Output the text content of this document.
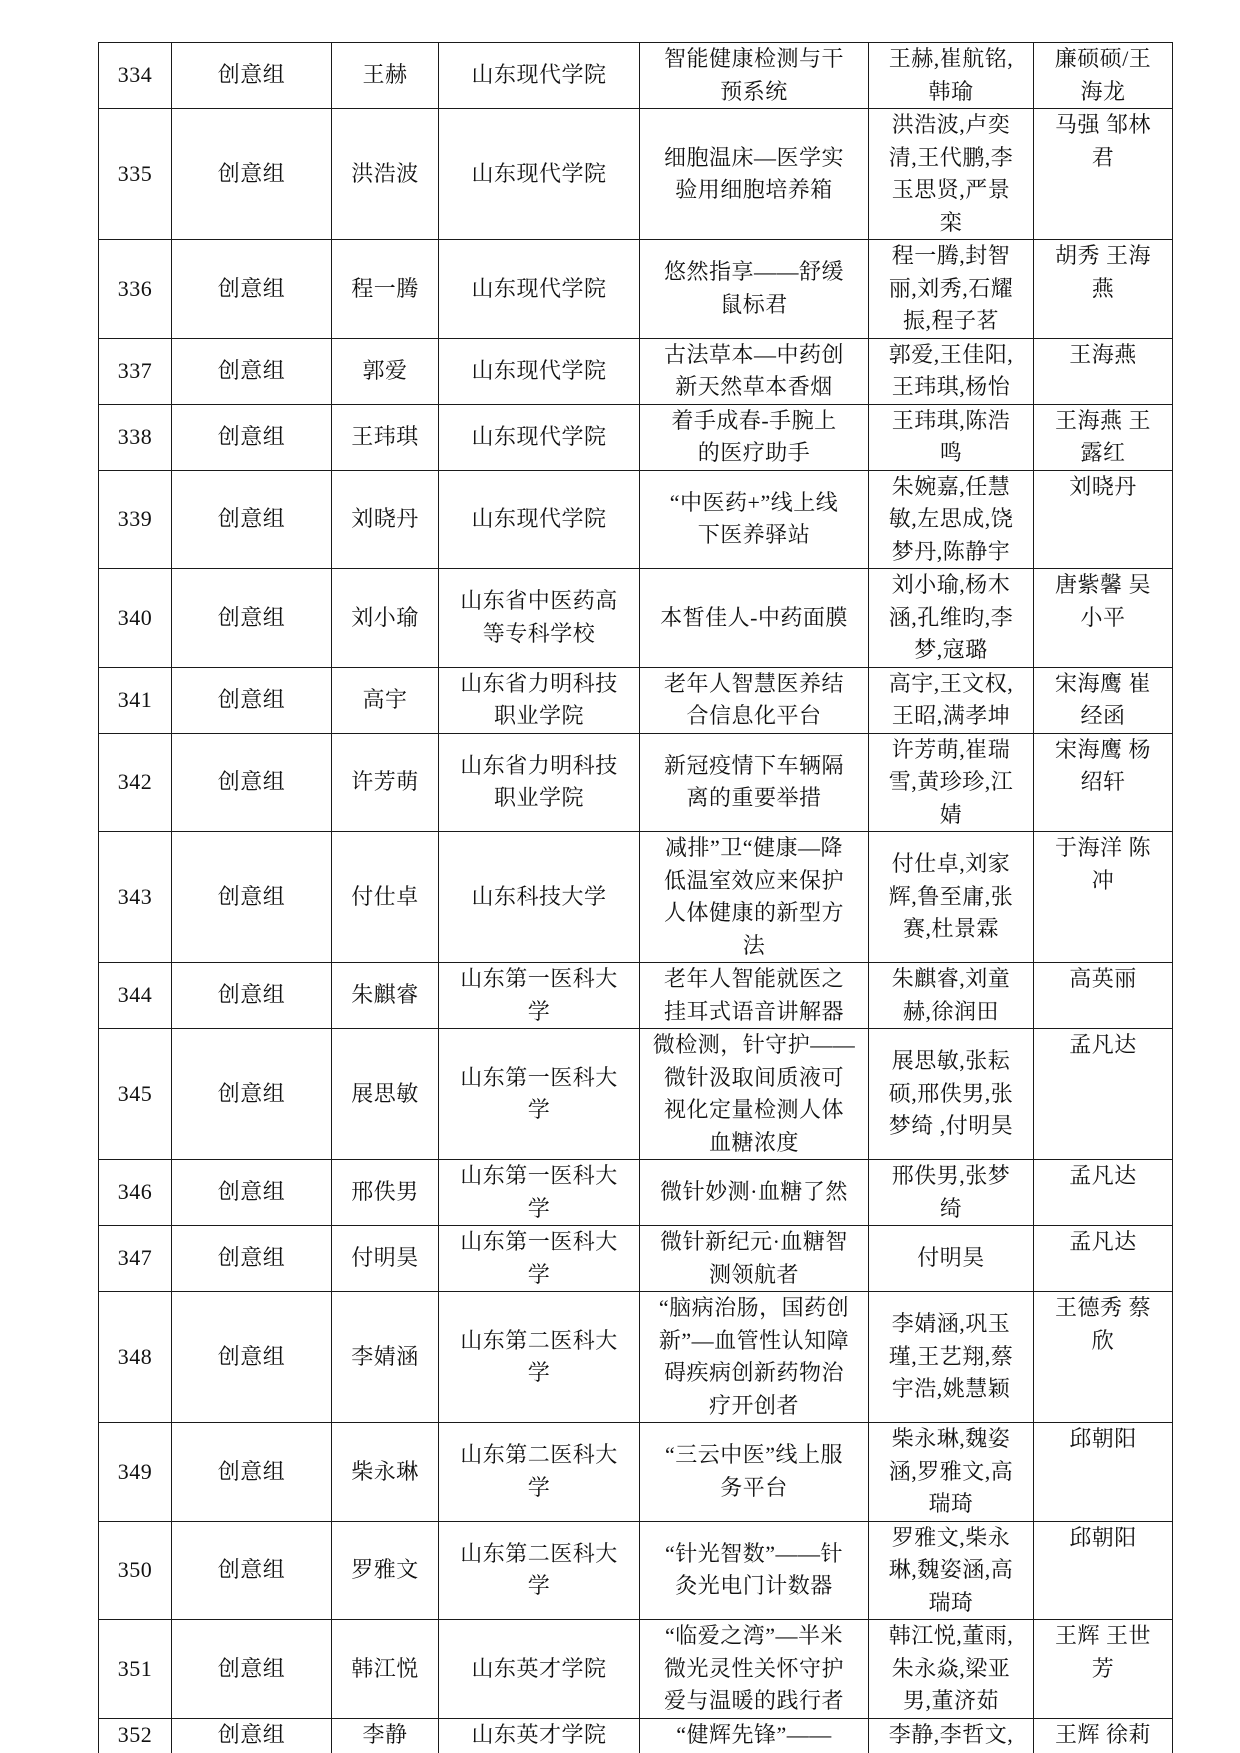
334	创意组	王赫	山东现代学院	智能健康检测与干
预系统	王赫,崔航铭,
韩瑜	廉硕硕/王
海龙
335	创意组	洪浩波	山东现代学院	细胞温床—医学实
验用细胞培养箱	洪浩波,卢奕
清,王代鹏,李
玉思贤,严景
栾	马强 邹林
君
336	创意组	程一腾	山东现代学院	悠然指享——舒缓
鼠标君	程一腾,封智
丽,刘秀,石耀
振,程子茗	胡秀 王海
燕
337	创意组	郭爱	山东现代学院	古法草本—中药创
新天然草本香烟	郭爱,王佳阳,
王玮琪,杨怡	王海燕
338	创意组	王玮琪	山东现代学院	着手成春-手腕上
的医疗助手	王玮琪,陈浩
鸣	王海燕 王
露红
339	创意组	刘晓丹	山东现代学院	“中医药+”线上线
下医养驿站	朱婉嘉,任慧
敏,左思成,饶
梦丹,陈静宇	刘晓丹
340	创意组	刘小瑜	山东省中医药高
等专科学校	本皙佳人-中药面膜	刘小瑜,杨木
涵,孔维昀,李
梦,寇璐	唐紫馨 吴
小平
341	创意组	高宇	山东省力明科技
职业学院	老年人智慧医养结
合信息化平台	高宇,王文权,
王昭,满孝坤	宋海鹰 崔
经函
342	创意组	许芳萌	山东省力明科技
职业学院	新冠疫情下车辆隔
离的重要举措	许芳萌,崔瑞
雪,黄珍珍,江
婧	宋海鹰 杨
绍轩
343	创意组	付仕卓	山东科技大学	减排”卫“健康—降
低温室效应来保护
人体健康的新型方
法	付仕卓,刘家
辉,鲁至庸,张
赛,杜景霖	于海洋 陈
冲
344	创意组	朱麒睿	山东第一医科大
学	老年人智能就医之
挂耳式语音讲解器	朱麒睿,刘童
赫,徐润田	高英丽
345	创意组	展思敏	山东第一医科大
学	微检测，针守护——
微针汲取间质液可
视化定量检测人体
血糖浓度	展思敏,张耘
硕,邢佚男,张
梦绮 ,付明昊	孟凡达
346	创意组	邢佚男	山东第一医科大
学	微针妙测·血糖了然	邢佚男,张梦
绮	孟凡达
347	创意组	付明昊	山东第一医科大
学	微针新纪元·血糖智
测领航者	付明昊	孟凡达
348	创意组	李婧涵	山东第二医科大
学	“脑病治肠，国药创
新”—血管性认知障
碍疾病创新药物治
疗开创者	李婧涵,巩玉
瑾,王艺翔,蔡
宇浩,姚慧颖	王德秀 蔡
欣
349	创意组	柴永琳	山东第二医科大
学	“三云中医”线上服
务平台	柴永琳,魏姿
涵,罗雅文,高
瑞琦	邱朝阳
350	创意组	罗雅文	山东第二医科大
学	“针光智数”——针
灸光电门计数器	罗雅文,柴永
琳,魏姿涵,高
瑞琦	邱朝阳
351	创意组	韩江悦	山东英才学院	“临爱之湾”—半米
微光灵性关怀守护
爱与温暖的践行者	韩江悦,董雨,
朱永焱,梁亚
男,董济茹	王辉 王世
芳
352	创意组	李静	山东英才学院	“健辉先锋”——	李静,李哲文,	王辉 徐莉
